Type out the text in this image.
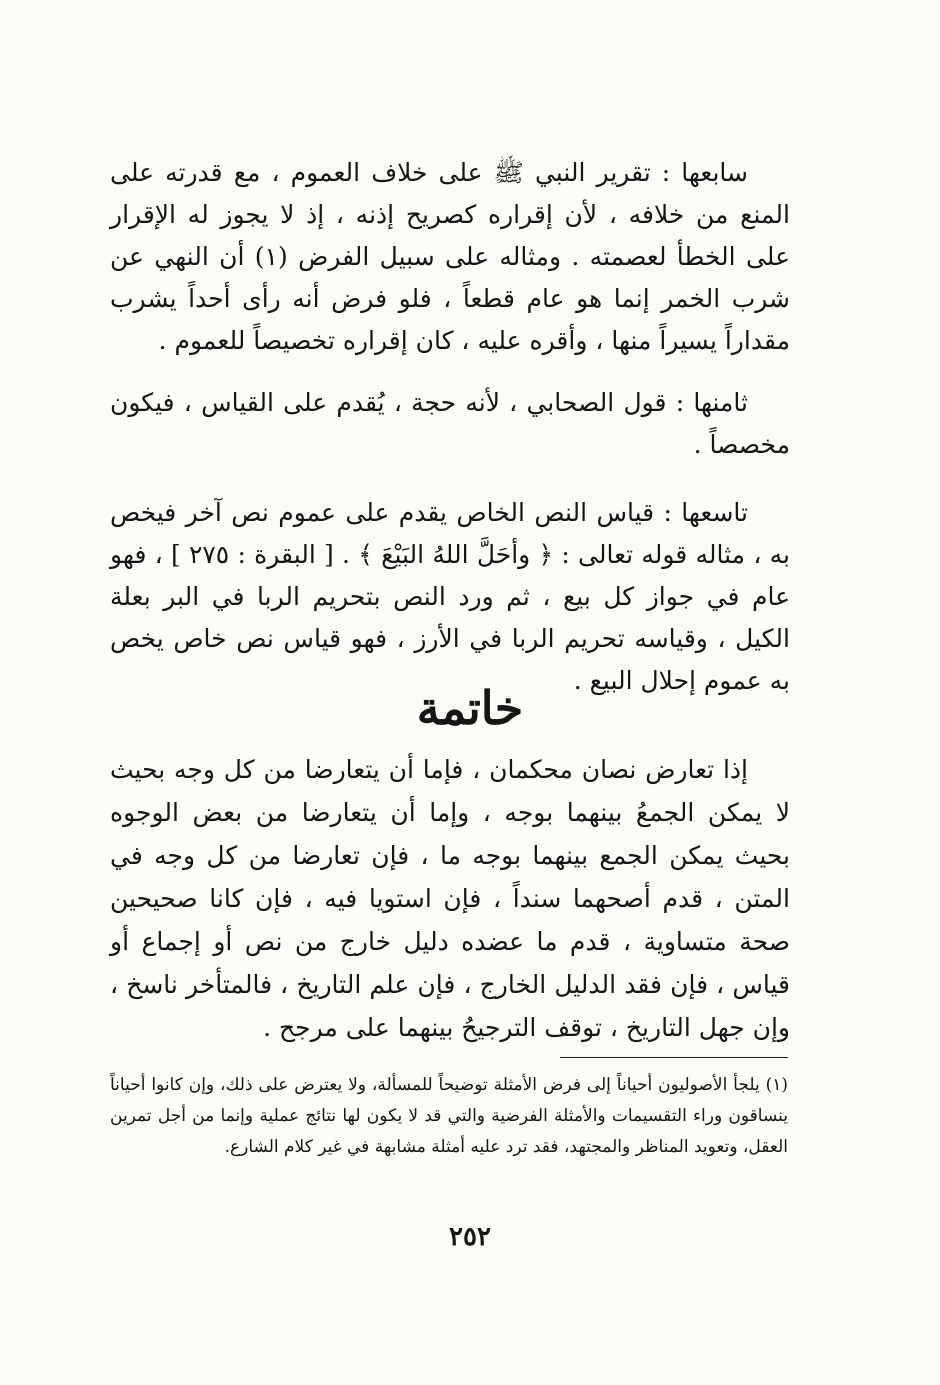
سابعها : تقرير النبي ﷺ على خلاف العموم ، مع قدرته على المنع من خلافه ، لأن إقراره كصريح إذنه ، إذ لا يجوز له الإقرار على الخطأ لعصمته . ومثاله على سبيل الفرض (١) أن النهي عن شرب الخمر إنما هو عام قطعاً ، فلو فرض أنه رأى أحداً يشرب مقداراً يسيراً منها ، وأقره عليه ، كان إقراره تخصيصاً للعموم .

ثامنها : قول الصحابي ، لأنه حجة ، يُقدم على القياس ، فيكون مخصصاً .

تاسعها : قياس النص الخاص يقدم على عموم نص آخر فيخص به ، مثاله قوله تعالى : ﴿ وأحَلَّ اللهُ البَيْعَ ﴾ . [ البقرة : ٢٧٥ ] ، فهو عام في جواز كل بيع ، ثم ورد النص بتحريم الربا في البر بعلة الكيل ، وقياسه تحريم الربا في الأرز ، فهو قياس نص خاص يخص به عموم إحلال البيع .

خاتمة

إذا تعارض نصان محكمان ، فإما أن يتعارضا من كل وجه بحيث لا يمكن الجمعُ بينهما بوجه ، وإما أن يتعارضا من بعض الوجوه بحيث يمكن الجمع بينهما بوجه ما ، فإن تعارضا من كل وجه في المتن ، قدم أصحهما سنداً ، فإن استويا فيه ، فإن كانا صحيحين صحة متساوية ، قدم ما عضده دليل خارج من نص أو إجماع أو قياس ، فإن فقد الدليل الخارج ، فإن علم التاريخ ، فالمتأخر ناسخ ، وإن جهل التاريخ ، توقف الترجيحُ بينهما على مرجح .

(١) يلجأ الأصوليون أحياناً إلى فرض الأمثلة توضيحاً للمسألة، ولا يعترض على ذلك، وإن كانوا أحياناً ينساقون وراء التقسيمات والأمثلة الفرضية والتي قد لا يكون لها نتائج عملية وإنما من أجل تمرين العقل، وتعويد المناظر والمجتهد، فقد ترد عليه أمثلة مشابهة في غير كلام الشارع.

٢٥٢
